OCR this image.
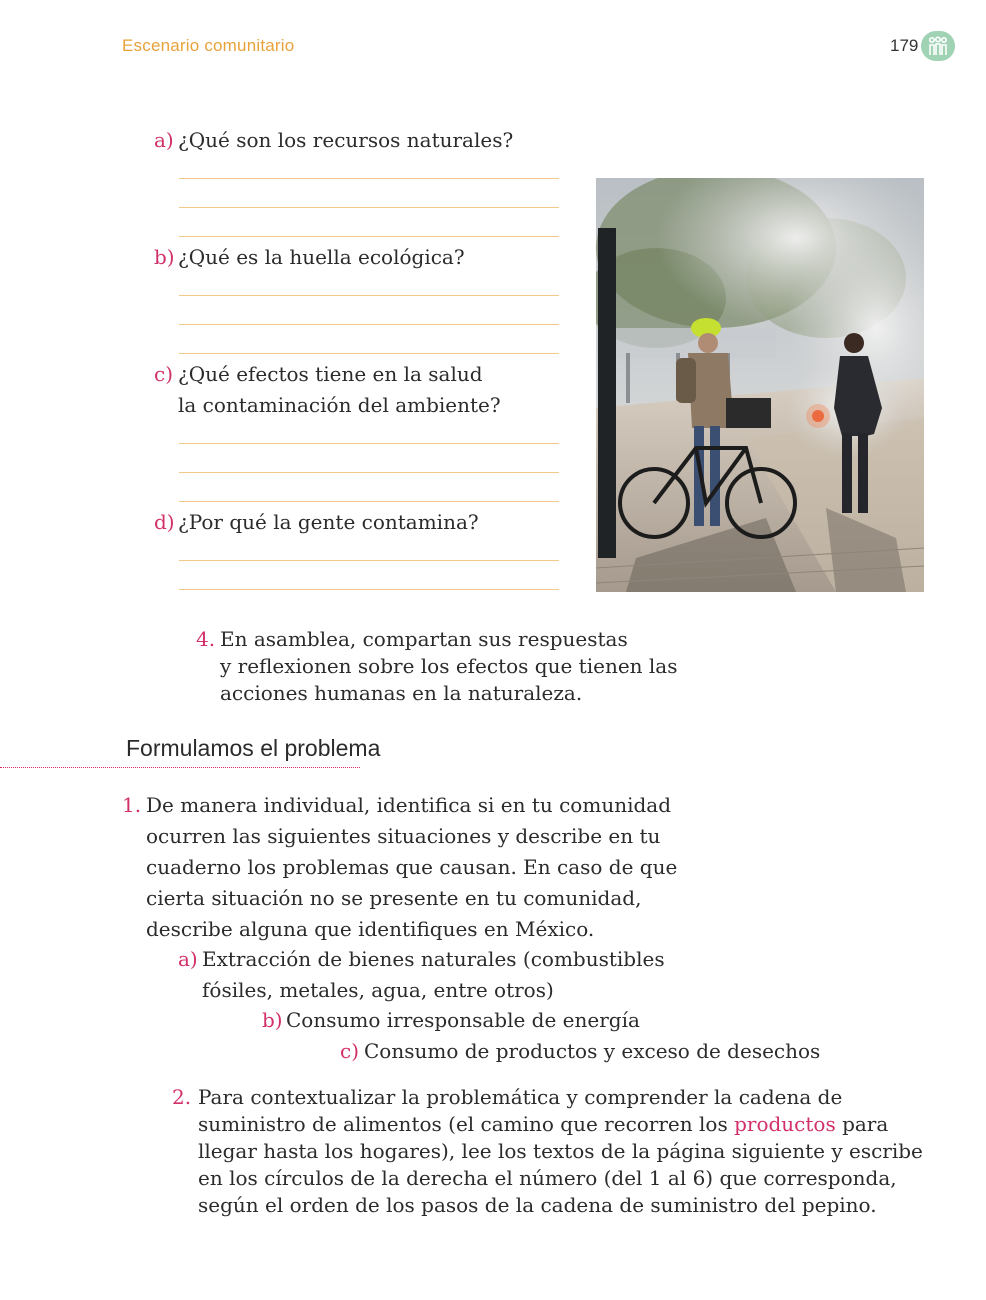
Escenario comunitario	179
a) ¿Qué son los recursos naturales?
b) ¿Qué es la huella ecológica?
c) ¿Qué efectos tiene en la salud
la contaminación del ambiente?
d) ¿Por qué la gente contamina?
4. En asamblea, compartan sus respuestas
y reflexionen sobre los efectos que tienen las
acciones humanas en la naturaleza.
Formulamos el problema
1. De manera individual, identifica si en tu comunidad
ocurren las siguientes situaciones y describe en tu
cuaderno los problemas que causan. En caso de que
cierta situación no se presente en tu comunidad,
describe alguna que identifiques en México.
a) Extracción de bienes naturales (combustibles
fósiles, metales, agua, entre otros)
b) Consumo irresponsable de energía
c) Consumo de productos y exceso de desechos
2. Para contextualizar la problemática y comprender la cadena de
suministro de alimentos (el camino que recorren los productos para
llegar hasta los hogares), lee los textos de la página siguiente y escribe
en los círculos de la derecha el número (del 1 al 6) que corresponda,
según el orden de los pasos de la cadena de suministro del pepino.
